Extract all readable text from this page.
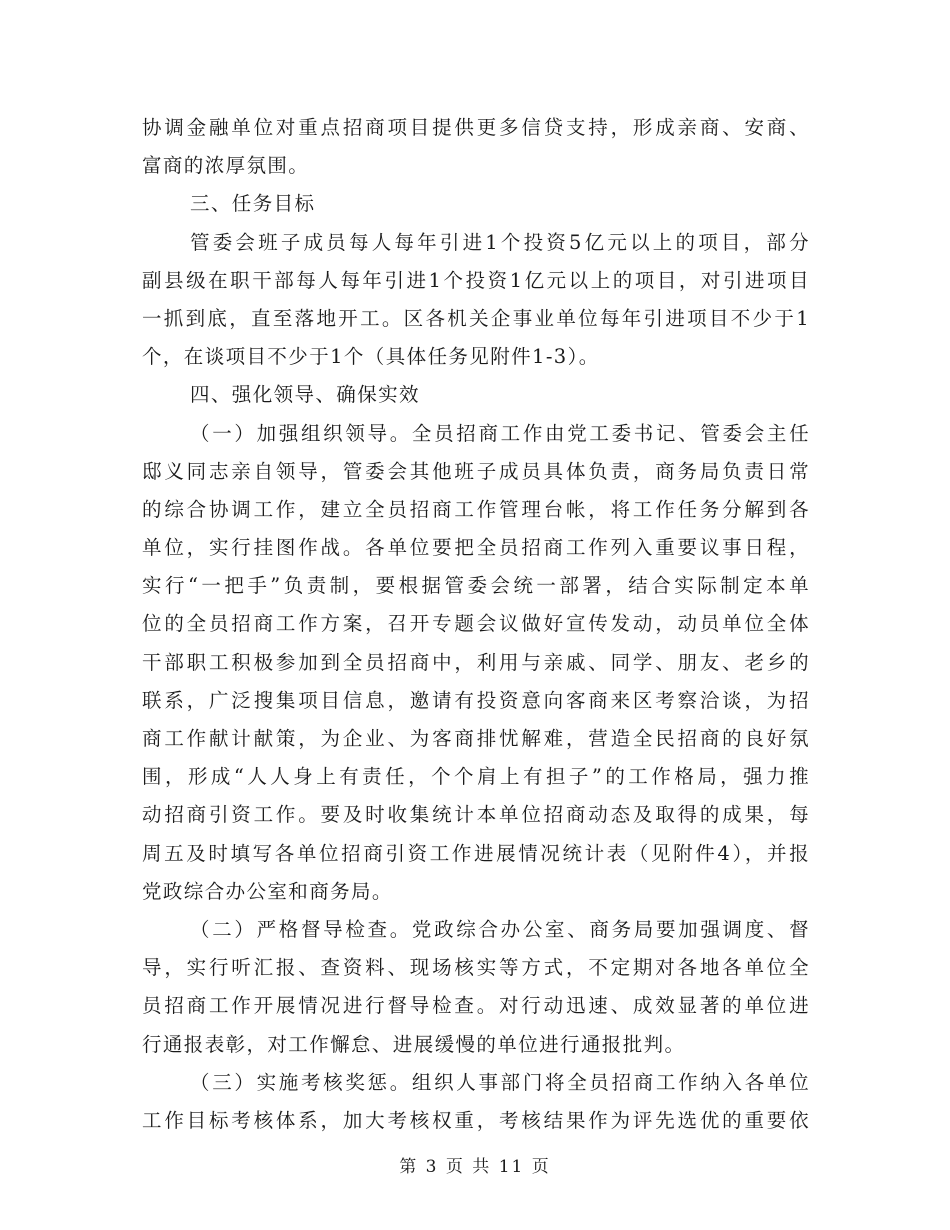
协调金融单位对重点招商项目提供更多信贷支持，形成亲商、安商、
富商的浓厚氛围。
三、任务目标
管委会班子成员每人每年引进1个投资5亿元以上的项目，部分
副县级在职干部每人每年引进1个投资1亿元以上的项目，对引进项目
一抓到底，直至落地开工。区各机关企事业单位每年引进项目不少于1
个，在谈项目不少于1个（具体任务见附件1-3）。
四、强化领导、确保实效
（一）加强组织领导。全员招商工作由党工委书记、管委会主任
邸义同志亲自领导，管委会其他班子成员具体负责，商务局负责日常
的综合协调工作，建立全员招商工作管理台帐，将工作任务分解到各
单位，实行挂图作战。各单位要把全员招商工作列入重要议事日程，
实行“一把手”负责制，要根据管委会统一部署，结合实际制定本单
位的全员招商工作方案，召开专题会议做好宣传发动，动员单位全体
干部职工积极参加到全员招商中，利用与亲戚、同学、朋友、老乡的
联系，广泛搜集项目信息，邀请有投资意向客商来区考察洽谈，为招
商工作献计献策，为企业、为客商排忧解难，营造全民招商的良好氛
围，形成“人人身上有责任，个个肩上有担子”的工作格局，强力推
动招商引资工作。要及时收集统计本单位招商动态及取得的成果，每
周五及时填写各单位招商引资工作进展情况统计表（见附件4），并报
党政综合办公室和商务局。
（二）严格督导检查。党政综合办公室、商务局要加强调度、督
导，实行听汇报、查资料、现场核实等方式，不定期对各地各单位全
员招商工作开展情况进行督导检查。对行动迅速、成效显著的单位进
行通报表彰，对工作懈怠、进展缓慢的单位进行通报批判。
（三）实施考核奖惩。组织人事部门将全员招商工作纳入各单位
工作目标考核体系，加大考核权重，考核结果作为评先选优的重要依
第 3 页 共 11 页
